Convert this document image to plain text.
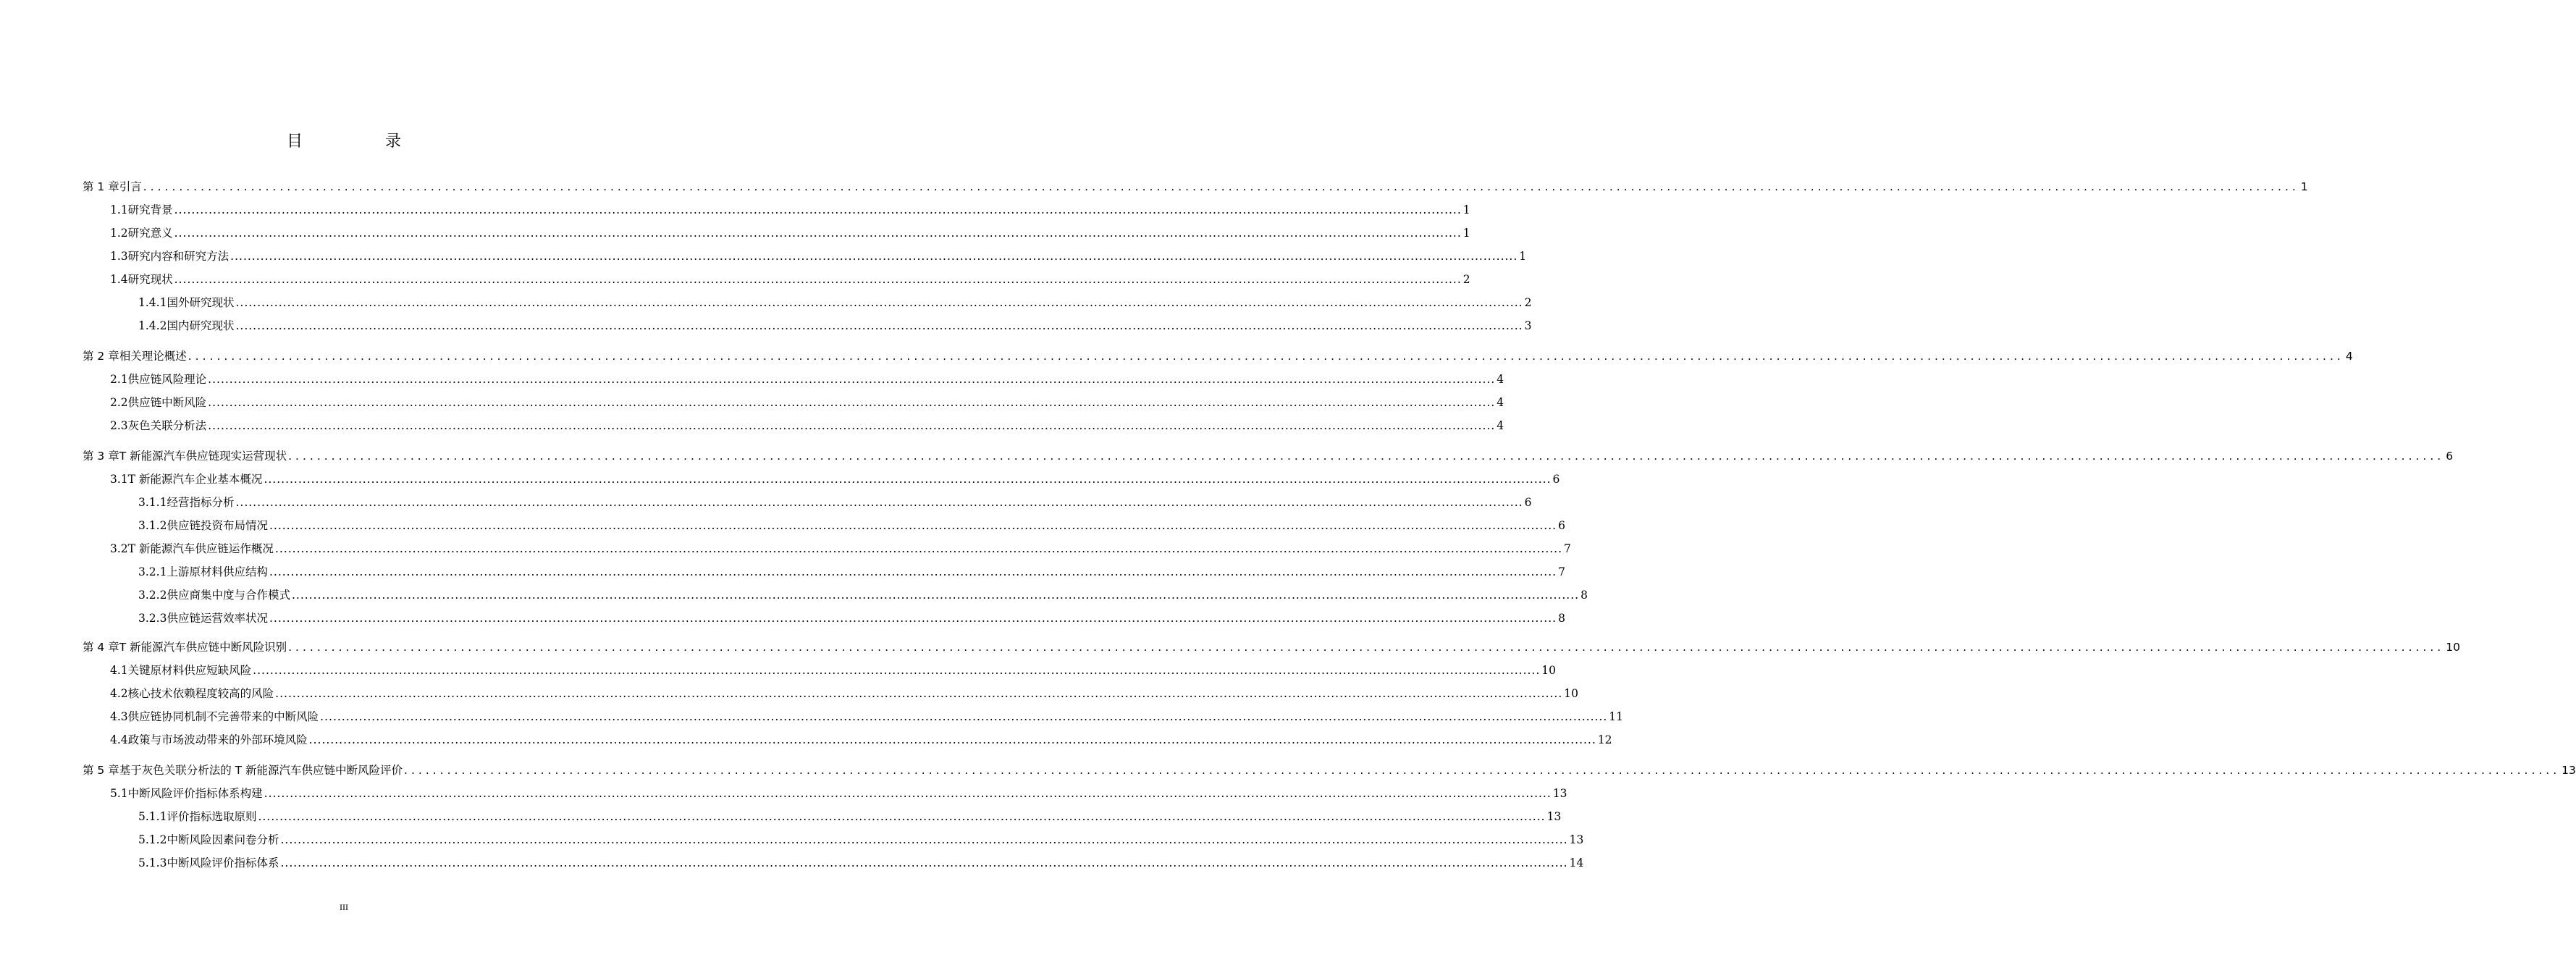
目　录
第 1 章 引言 ............................................................................................................................................................................................................................................................................................................ 1
1.1 研究背景 ............................................................................................................................................................................................................................................................................................................ 1
1.2 研究意义 ............................................................................................................................................................................................................................................................................................................ 1
1.3 研究内容和研究方法 ............................................................................................................................................................................................................................................................................................................ 1
1.4 研究现状 ............................................................................................................................................................................................................................................................................................................ 2
1.4.1 国外研究现状 ............................................................................................................................................................................................................................................................................................................ 2
1.4.2 国内研究现状 ............................................................................................................................................................................................................................................................................................................ 3
第 2 章 相关理论概述 ............................................................................................................................................................................................................................................................................................................ 4
2.1 供应链风险理论 ............................................................................................................................................................................................................................................................................................................ 4
2.2 供应链中断风险 ............................................................................................................................................................................................................................................................................................................ 4
2.3 灰色关联分析法 ............................................................................................................................................................................................................................................................................................................ 4
第 3 章 T 新能源汽车供应链现实运营现状 ............................................................................................................................................................................................................................................................................................................ 6
3.1 T 新能源汽车企业基本概况 ............................................................................................................................................................................................................................................................................................................ 6
3.1.1 经营指标分析 ............................................................................................................................................................................................................................................................................................................ 6
3.1.2 供应链投资布局情况 ............................................................................................................................................................................................................................................................................................................ 6
3.2 T 新能源汽车供应链运作概况 ............................................................................................................................................................................................................................................................................................................ 7
3.2.1 上游原材料供应结构 ............................................................................................................................................................................................................................................................................................................ 7
3.2.2 供应商集中度与合作模式 ............................................................................................................................................................................................................................................................................................................ 8
3.2.3 供应链运营效率状况 ............................................................................................................................................................................................................................................................................................................ 8
第 4 章 T 新能源汽车供应链中断风险识别 ............................................................................................................................................................................................................................................................................................................ 10
4.1 关键原材料供应短缺风险 ............................................................................................................................................................................................................................................................................................................ 10
4.2 核心技术依赖程度较高的风险 ............................................................................................................................................................................................................................................................................................................ 10
4.3 供应链协同机制不完善带来的中断风险 ............................................................................................................................................................................................................................................................................................................ 11
4.4 政策与市场波动带来的外部环境风险 ............................................................................................................................................................................................................................................................................................................ 12
第 5 章 基于灰色关联分析法的 T 新能源汽车供应链中断风险评价 ............................................................................................................................................................................................................................................................................................................ 13
5.1 中断风险评价指标体系构建 ............................................................................................................................................................................................................................................................................................................ 13
5.1.1 评价指标选取原则 ............................................................................................................................................................................................................................................................................................................ 13
5.1.2 中断风险因素问卷分析 ............................................................................................................................................................................................................................................................................................................ 13
5.1.3 中断风险评价指标体系 ............................................................................................................................................................................................................................................................................................................ 14
III
